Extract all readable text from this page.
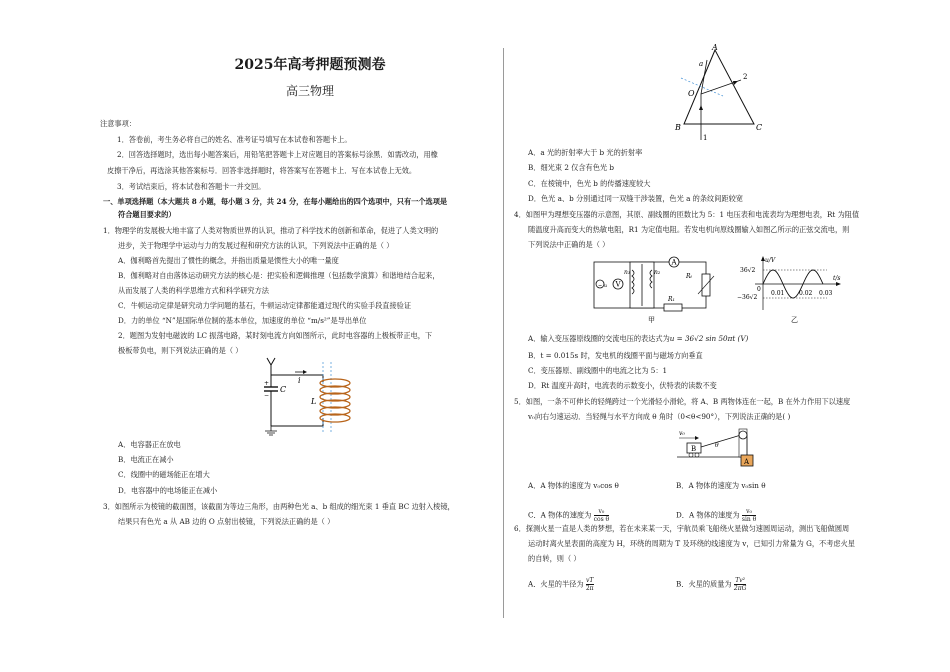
2025年高考押题预测卷
高三物理
注意事项：
1．答卷前，考生务必将自己的姓名、准考证号填写在本试卷和答题卡上。
2．回答选择题时，选出每小题答案后，用铅笔把答题卡上对应题目的答案标号涂黑．如需改动，用橡
皮擦干净后，再选涂其他答案标号．回答非选择题时，将答案写在答题卡上．写在本试卷上无效。
3．考试结束后，将本试卷和答题卡一并交回。
一、单项选择题（本大题共 8 小题，每小题 3 分，共 24 分，在每小题给出的四个选项中，只有一个选项是
符合题目要求的）
1．物理学的发展极大地丰富了人类对物质世界的认识，推动了科学技术的创新和革命，促进了人类文明的
进步，关于物理学中运动与力的发展过程和研究方法的认识，下列说法中正确的是（ ）
A．伽利略首先提出了惯性的概念，并指出质量是惯性大小的唯一量度
B．伽利略对自由落体运动研究方法的核心是：把实验和逻辑推理（包括数学演算）和谐地结合起来，
从而发展了人类的科学思维方式和科学研究方法
C．牛顿运动定律是研究动力学问题的基石，牛顿运动定律都能通过现代的实验手段直接验证
D．力的单位 “N”是国际单位制的基本单位，加速度的单位 “m/s²”是导出单位
2．题图为发射电磁波的 LC 振荡电路，某时刻电流方向如图所示，此时电容器的上极板带正电，下
极板带负电，则下列说法正确的是（ ）
+
−
C
i
L
A．电容器正在放电
B．电流正在减小
C．线圈中的磁场能正在增大
D．电容器中的电场能正在减小
3．如图所示为棱镜的截面图，该截面为等边三角形，由两种色光 a、b 组成的细光束 1 垂直 BC 边射入棱镜，
结果只有色光 a 从 AB 边的 O 点射出棱镜，下列说法正确的是（ ）
A
B	C
1
2
a
O
A．a 光的折射率大于 b 光的折射率
B．细光束 2 仅含有色光 b
C．在棱镜中，色光 b 的传播速度较大
D．色光 a、b 分别通过同一双缝干涉装置，色光 a 的条纹间距较宽
4．如图甲为理想变压器的示意图，其原、副线圈的匝数比为 5：1 电压表和电流表均为理想电表，Rt 为阻值
随温度升高而变大的热敏电阻，R1 为定值电阻。若发电机向原线圈输入如图乙所示的正弦交流电，则
下列说法中正确的是（ ）
~ u V
n₁	n₂
A
Rₜ
R₁
甲
u/V
t/s
36√2
−36√2
0
0.01 0.02 0.03
乙
A．输入变压器原线圈的交流电压的表达式为u = 36√2 sin 50πt (V)
B．t = 0.015s 时，发电机的线圈平面与磁场方向垂直
C．变压器原、副线圈中的电流之比为 5：1
D．Rt 温度升高时，电流表的示数变小，伏特表的读数不变
5．如图，一条不可伸长的轻绳跨过一个光滑轻小滑轮，将 A、B 两物体连在一起，B 在外力作用下以速度
v₀向右匀速运动．当轻绳与水平方向成 θ 角时（0<θ<90°），下列说法正确的是( )
v₀
B	θ
A
A．A 物体的速度为 v₀cos θ	B．A 物体的速度为 v₀sin θ
C．A 物体的速度为 $\frac{\text{v₀}}{\text{cos θ}}$	D．A 物体的速度为 $\frac{\text{v₀}}{\text{sin θ}}$
6．探测火星一直是人类的梦想，若在未来某一天，宇航员乘飞船绕火星做匀速圆周运动，测出飞船做圆周
运动时离火星表面的高度为 H，环绕的周期为 T 及环绕的线速度为 v，已知引力常量为 G，不考虑火星
的自转，则（ ）
A．火星的半径为 $\frac{vT}{2\pi}$	B．火星的质量为 $\frac{\text{Tv²}}{2\pi G}$
